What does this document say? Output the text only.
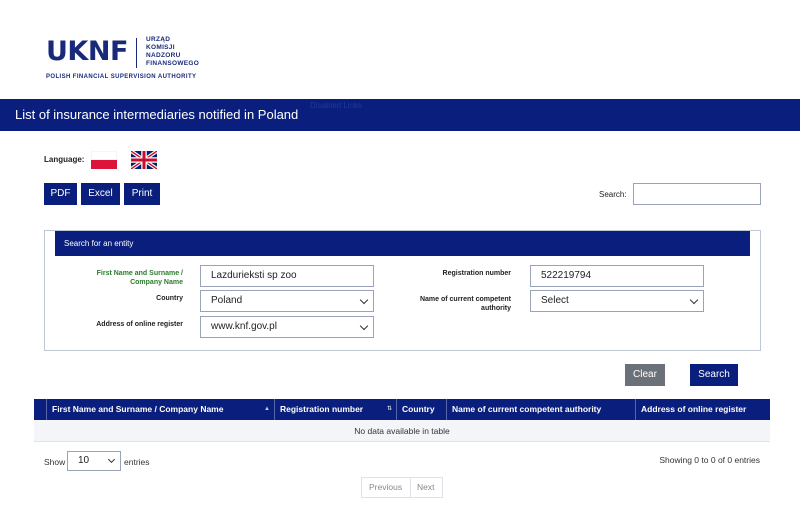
UKNF	URZĄD
KOMISJI
NADZORU
FINANSOWEGO
POLISH FINANCIAL SUPERVISION AUTHORITY
Disabled Links
List of insurance intermediaries notified in Poland
Language:
PDF	Excel	Print	Search:
Search for an entity
First Name and Surname / Company Name
Lazdurieksti sp zoo
Country	Poland
Address of online register	www.knf.gov.pl
Registration number	522219794
Name of current competent authority
Select
Clear	Search
First Name and Surname / Company Name	▲	Registration number	⇅	Country	Name of current competent authority	Address of online register
No data available in table
Show	10	entries	Showing 0 to 0 of 0 entries
Previous Next
